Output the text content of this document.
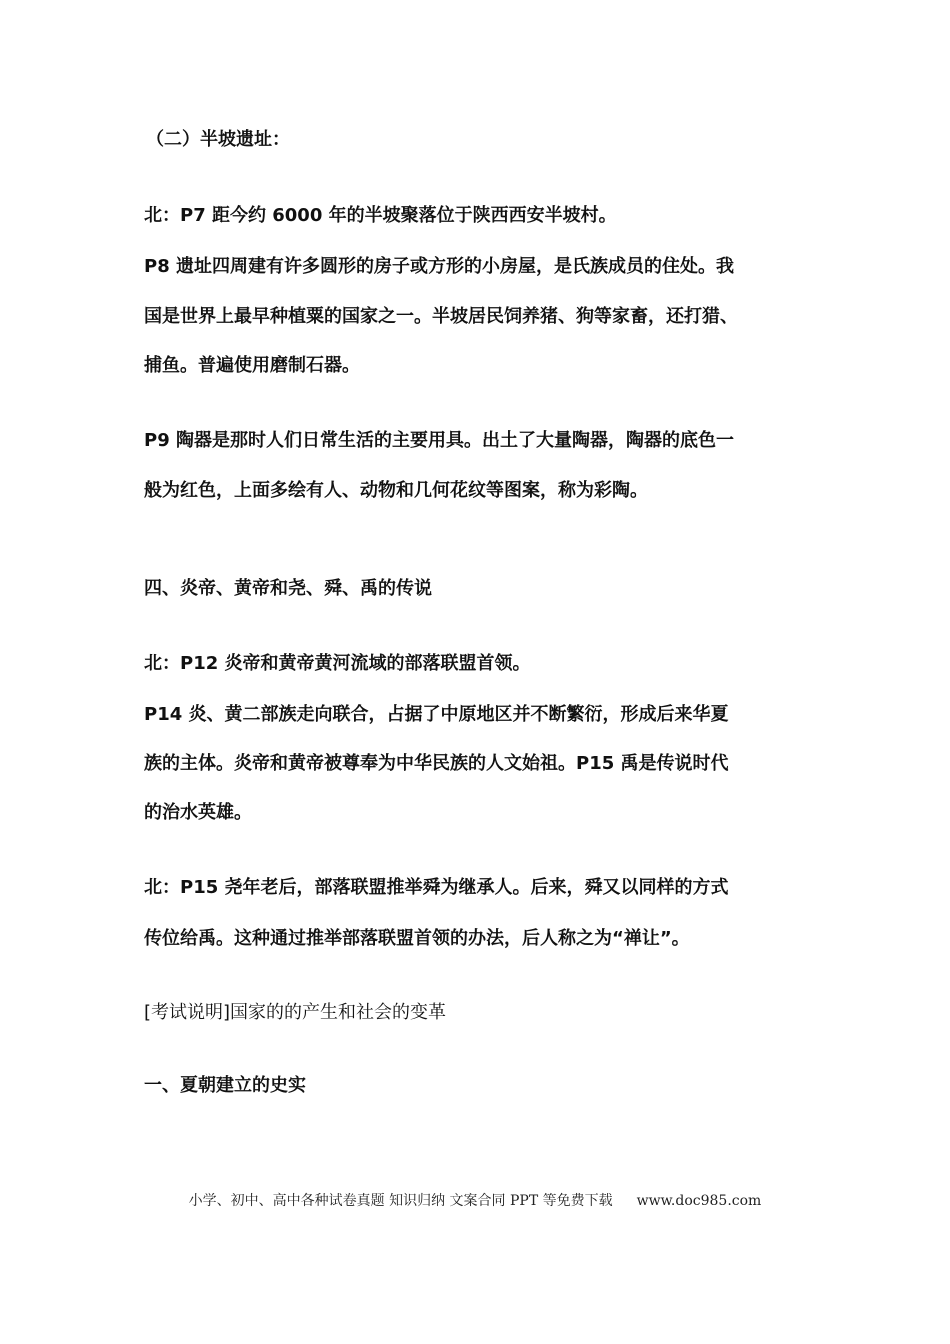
（二）半坡遗址：
北：P7 距今约 6000 年的半坡聚落位于陕西西安半坡村。
P8 遗址四周建有许多圆形的房子或方形的小房屋，是氏族成员的住处。我
国是世界上最早种植粟的国家之一。半坡居民饲养猪、狗等家畜，还打猎、
捕鱼。普遍使用磨制石器。
P9 陶器是那时人们日常生活的主要用具。出土了大量陶器，陶器的底色一
般为红色，上面多绘有人、动物和几何花纹等图案，称为彩陶。
四、炎帝、黄帝和尧、舜、禹的传说
北：P12 炎帝和黄帝黄河流域的部落联盟首领。
P14 炎、黄二部族走向联合，占据了中原地区并不断繁衍，形成后来华夏
族的主体。炎帝和黄帝被尊奉为中华民族的人文始祖。P15 禹是传说时代
的治水英雄。
北：P15 尧年老后，部落联盟推举舜为继承人。后来，舜又以同样的方式
传位给禹。这种通过推举部落联盟首领的办法，后人称之为“禅让”。
[考试说明]国家的的产生和社会的变革
一、夏朝建立的史实
小学、初中、高中各种试卷真题 知识归纳 文案合同 PPT 等免费下载 www.doc985.com
